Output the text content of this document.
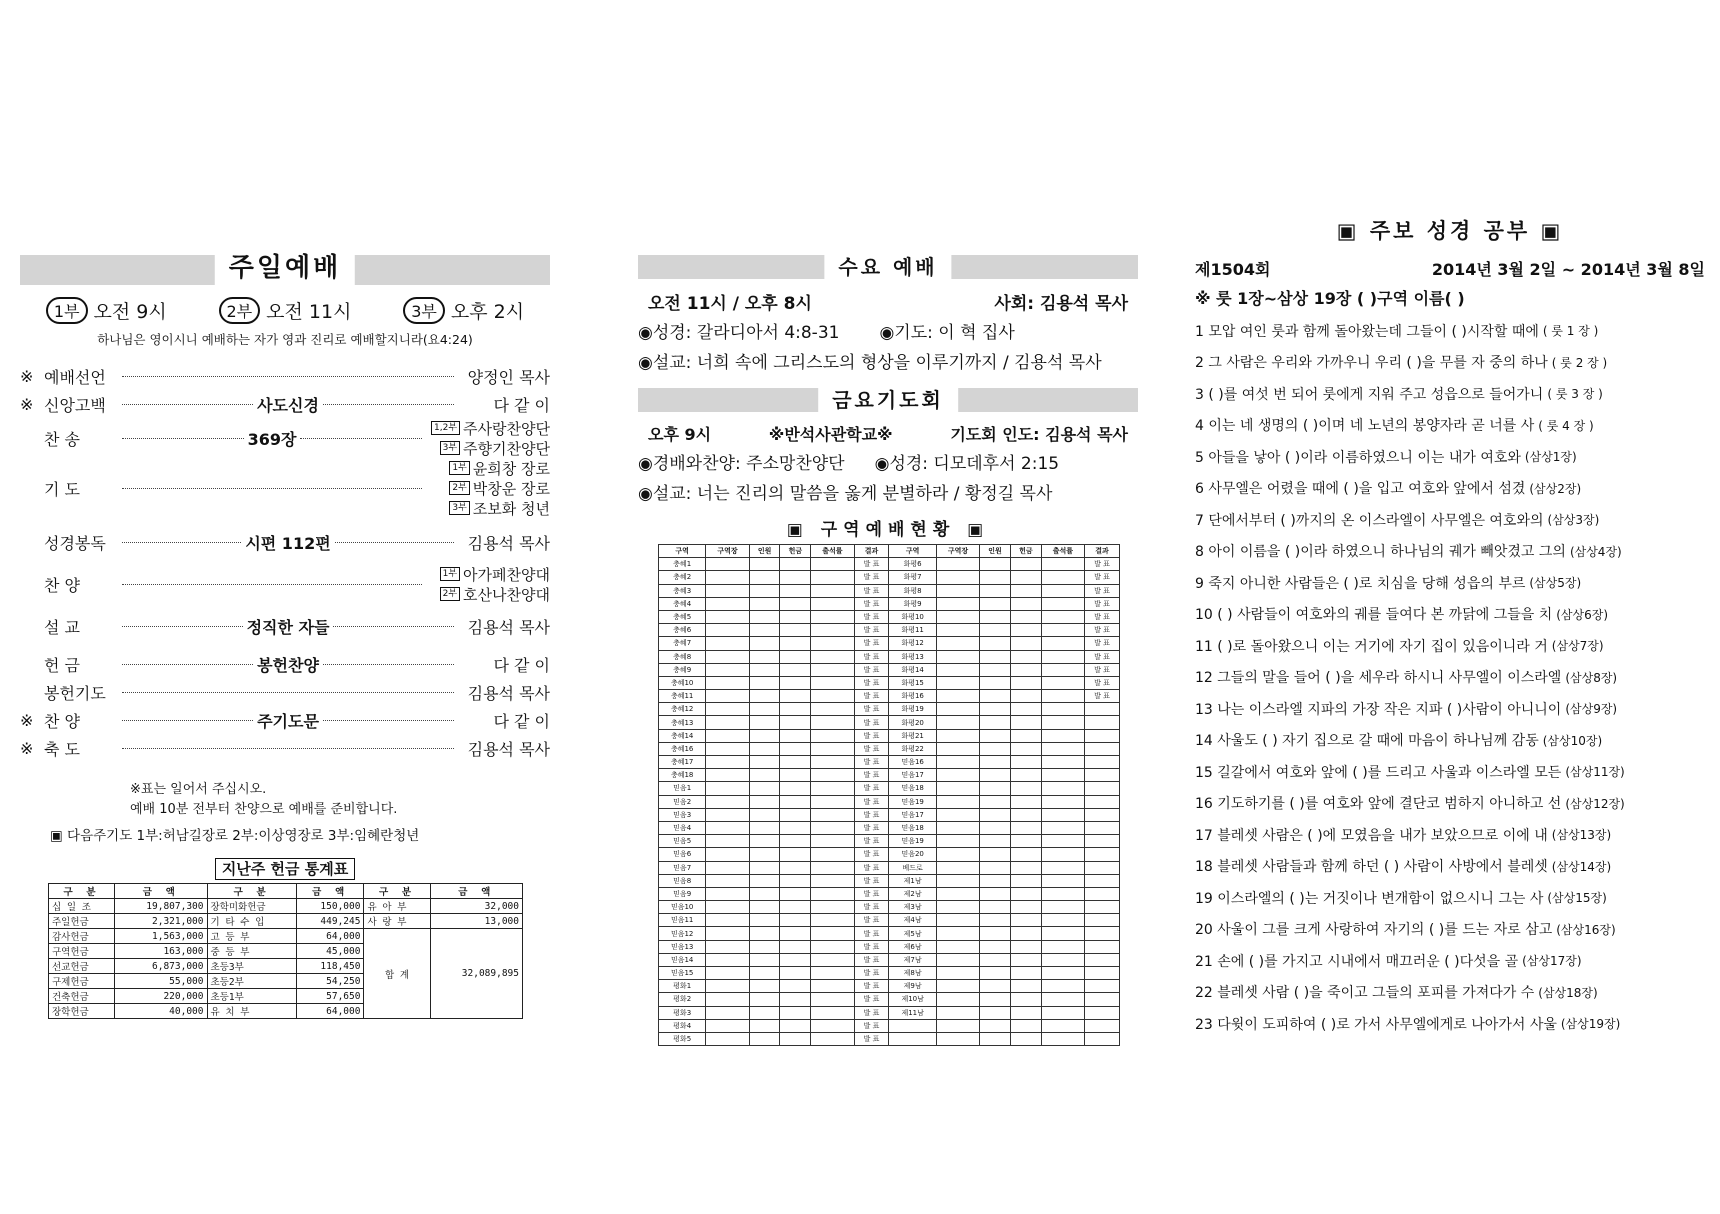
주일예배
1부 오전 9시	2부 오전 11시	3부 오후 2시
하나님은 영이시니 예배하는 자가 영과 진리로 예배할지니라(요4:24)
※ 예배선언	양정인 목사
※ 신앙고백	사도신경	다 같 이
찬 송	369장
1,2부 주사랑찬양단
3부 주향기찬양단
기 도
1부 윤희창 장로
2부 박창운 장로
3부 조보화 청년
성경봉독	시편 112편	김용석 목사
찬 양
1부 아가페찬양대
2부 호산나찬양대
설 교	정직한 자들	김용석 목사
헌 금	봉헌찬양	다 같 이
봉헌기도	김용석 목사
※ 찬 양	주기도문	다 같 이
※ 축 도	김용석 목사
※표는 일어서 주십시오.
예배 10분 전부터 찬양으로 예배를 준비합니다.
▣ 다음주기도 1부:허남길장로 2부:이상영장로 3부:임혜란청년
지난주 헌금 통계표
구 분	금 액	구 분	금 액	구 분	금 액
십 일 조	19,807,300	장학미화헌금	150,000	유 아 부	32,000
주일헌금	2,321,000	기 타 수 입	449,245	사 랑 부	13,000
감사헌금	1,563,000	고 등 부	64,000	합 계	32,089,895
구역헌금	163,000	중 등 부	45,000		
선교헌금	6,873,000	초등3부	118,450		
구제헌금	55,000	초등2부	54,250		
건축헌금	220,000	초등1부	57,650		
장학헌금	40,000	유 치 부	64,000		
수요 예배
오전 11시 / 오후 8시	사회: 김용석 목사
◉성경: 갈라디아서 4:8-31 ◉기도: 이 혁 집사
◉설교: 너희 속에 그리스도의 형상을 이루기까지 / 김용석 목사
금요기도회
오후 9시	※반석사관학교※	기도회 인도: 김용석 목사
◉경배와찬양: 주소망찬양단 ◉성경: 디모데후서 2:15
◉설교: 너는 진리의 말씀을 옳게 분별하라 / 황정길 목사
▣ 구역예배현황 ▣
구역	구역장	인원	헌금	출석률	결과	구역	구역장	인원	헌금	출석률	결과
충혜1					발 표	화평6					발 표
충혜2					발 표	화평7					발 표
충혜3					발 표	화평8					발 표
충혜4					발 표	화평9					발 표
충혜5					발 표	화평10					발 표
충혜6					발 표	화평11					발 표
충혜7					발 표	화평12					발 표
충혜8					발 표	화평13					발 표
충혜9					발 표	화평14					발 표
충혜10					발 표	화평15					발 표
충혜11					발 표	화평16					발 표
충혜12					발 표	화평19					
충혜13					발 표	화평20					
충혜14					발 표	화평21					
충혜16					발 표	화평22					
충혜17					발 표	믿음16					
충혜18					발 표	믿음17					
믿음1					발 표	믿음18					
믿음2					발 표	믿음19					
믿음3					발 표	믿음17					
믿음4					발 표	믿음18					
믿음5					발 표	믿음19					
믿음6					발 표	믿음20					
믿음7					발 표	베드로					
믿음8					발 표	제1남					
믿음9					발 표	제2남					
믿음10					발 표	제3남					
믿음11					발 표	제4남					
믿음12					발 표	제5남					
믿음13					발 표	제6남					
믿음14					발 표	제7남					
믿음15					발 표	제8남					
평화1					발 표	제9남					
평화2					발 표	제10남					
평화3					발 표	제11남					
평화4					발 표						
평화5					발 표						
▣ 주보 성경 공부 ▣
제1504회	2014년 3월 2일 ~ 2014년 3월 8일
※ 룻 1장~삼상 19장 ( )구역 이름( )
1 모압 여인 룻과 함께 돌아왔는데 그들이 ( )시작할 때에 ( 룻 1 장 )
2 그 사람은 우리와 가까우니 우리 ( )을 무를 자 중의 하나 ( 룻 2 장 )
3 ( )를 여섯 번 되어 룻에게 지워 주고 성읍으로 들어가니 ( 룻 3 장 )
4 이는 네 생명의 ( )이며 네 노년의 봉양자라 곧 너를 사 ( 룻 4 장 )
5 아들을 낳아 ( )이라 이름하였으니 이는 내가 여호와 (삼상1장)
6 사무엘은 어렸을 때에 ( )을 입고 여호와 앞에서 섬겼 (삼상2장)
7 단에서부터 ( )까지의 온 이스라엘이 사무엘은 여호와의 (삼상3장)
8 아이 이름을 ( )이라 하였으니 하나님의 궤가 빼앗겼고 그의 (삼상4장)
9 죽지 아니한 사람들은 ( )로 치심을 당해 성읍의 부르 (삼상5장)
10 ( ) 사람들이 여호와의 궤를 들여다 본 까닭에 그들을 치 (삼상6장)
11 ( )로 돌아왔으니 이는 거기에 자기 집이 있음이니라 거 (삼상7장)
12 그들의 말을 들어 ( )을 세우라 하시니 사무엘이 이스라엘 (삼상8장)
13 나는 이스라엘 지파의 가장 작은 지파 ( )사람이 아니니이 (삼상9장)
14 사울도 ( ) 자기 집으로 갈 때에 마음이 하나님께 감동 (삼상10장)
15 길갈에서 여호와 앞에 ( )를 드리고 사울과 이스라엘 모든 (삼상11장)
16 기도하기를 ( )를 여호와 앞에 결단코 범하지 아니하고 선 (삼상12장)
17 블레셋 사람은 ( )에 모였음을 내가 보았으므로 이에 내 (삼상13장)
18 블레셋 사람들과 함께 하던 ( ) 사람이 사방에서 블레셋 (삼상14장)
19 이스라엘의 ( )는 거짓이나 변개함이 없으시니 그는 사 (삼상15장)
20 사울이 그를 크게 사랑하여 자기의 ( )를 드는 자로 삼고 (삼상16장)
21 손에 ( )를 가지고 시내에서 매끄러운 ( )다섯을 골 (삼상17장)
22 블레셋 사람 ( )을 죽이고 그들의 포피를 가져다가 수 (삼상18장)
23 다윗이 도피하여 ( )로 가서 사무엘에게로 나아가서 사울 (삼상19장)
